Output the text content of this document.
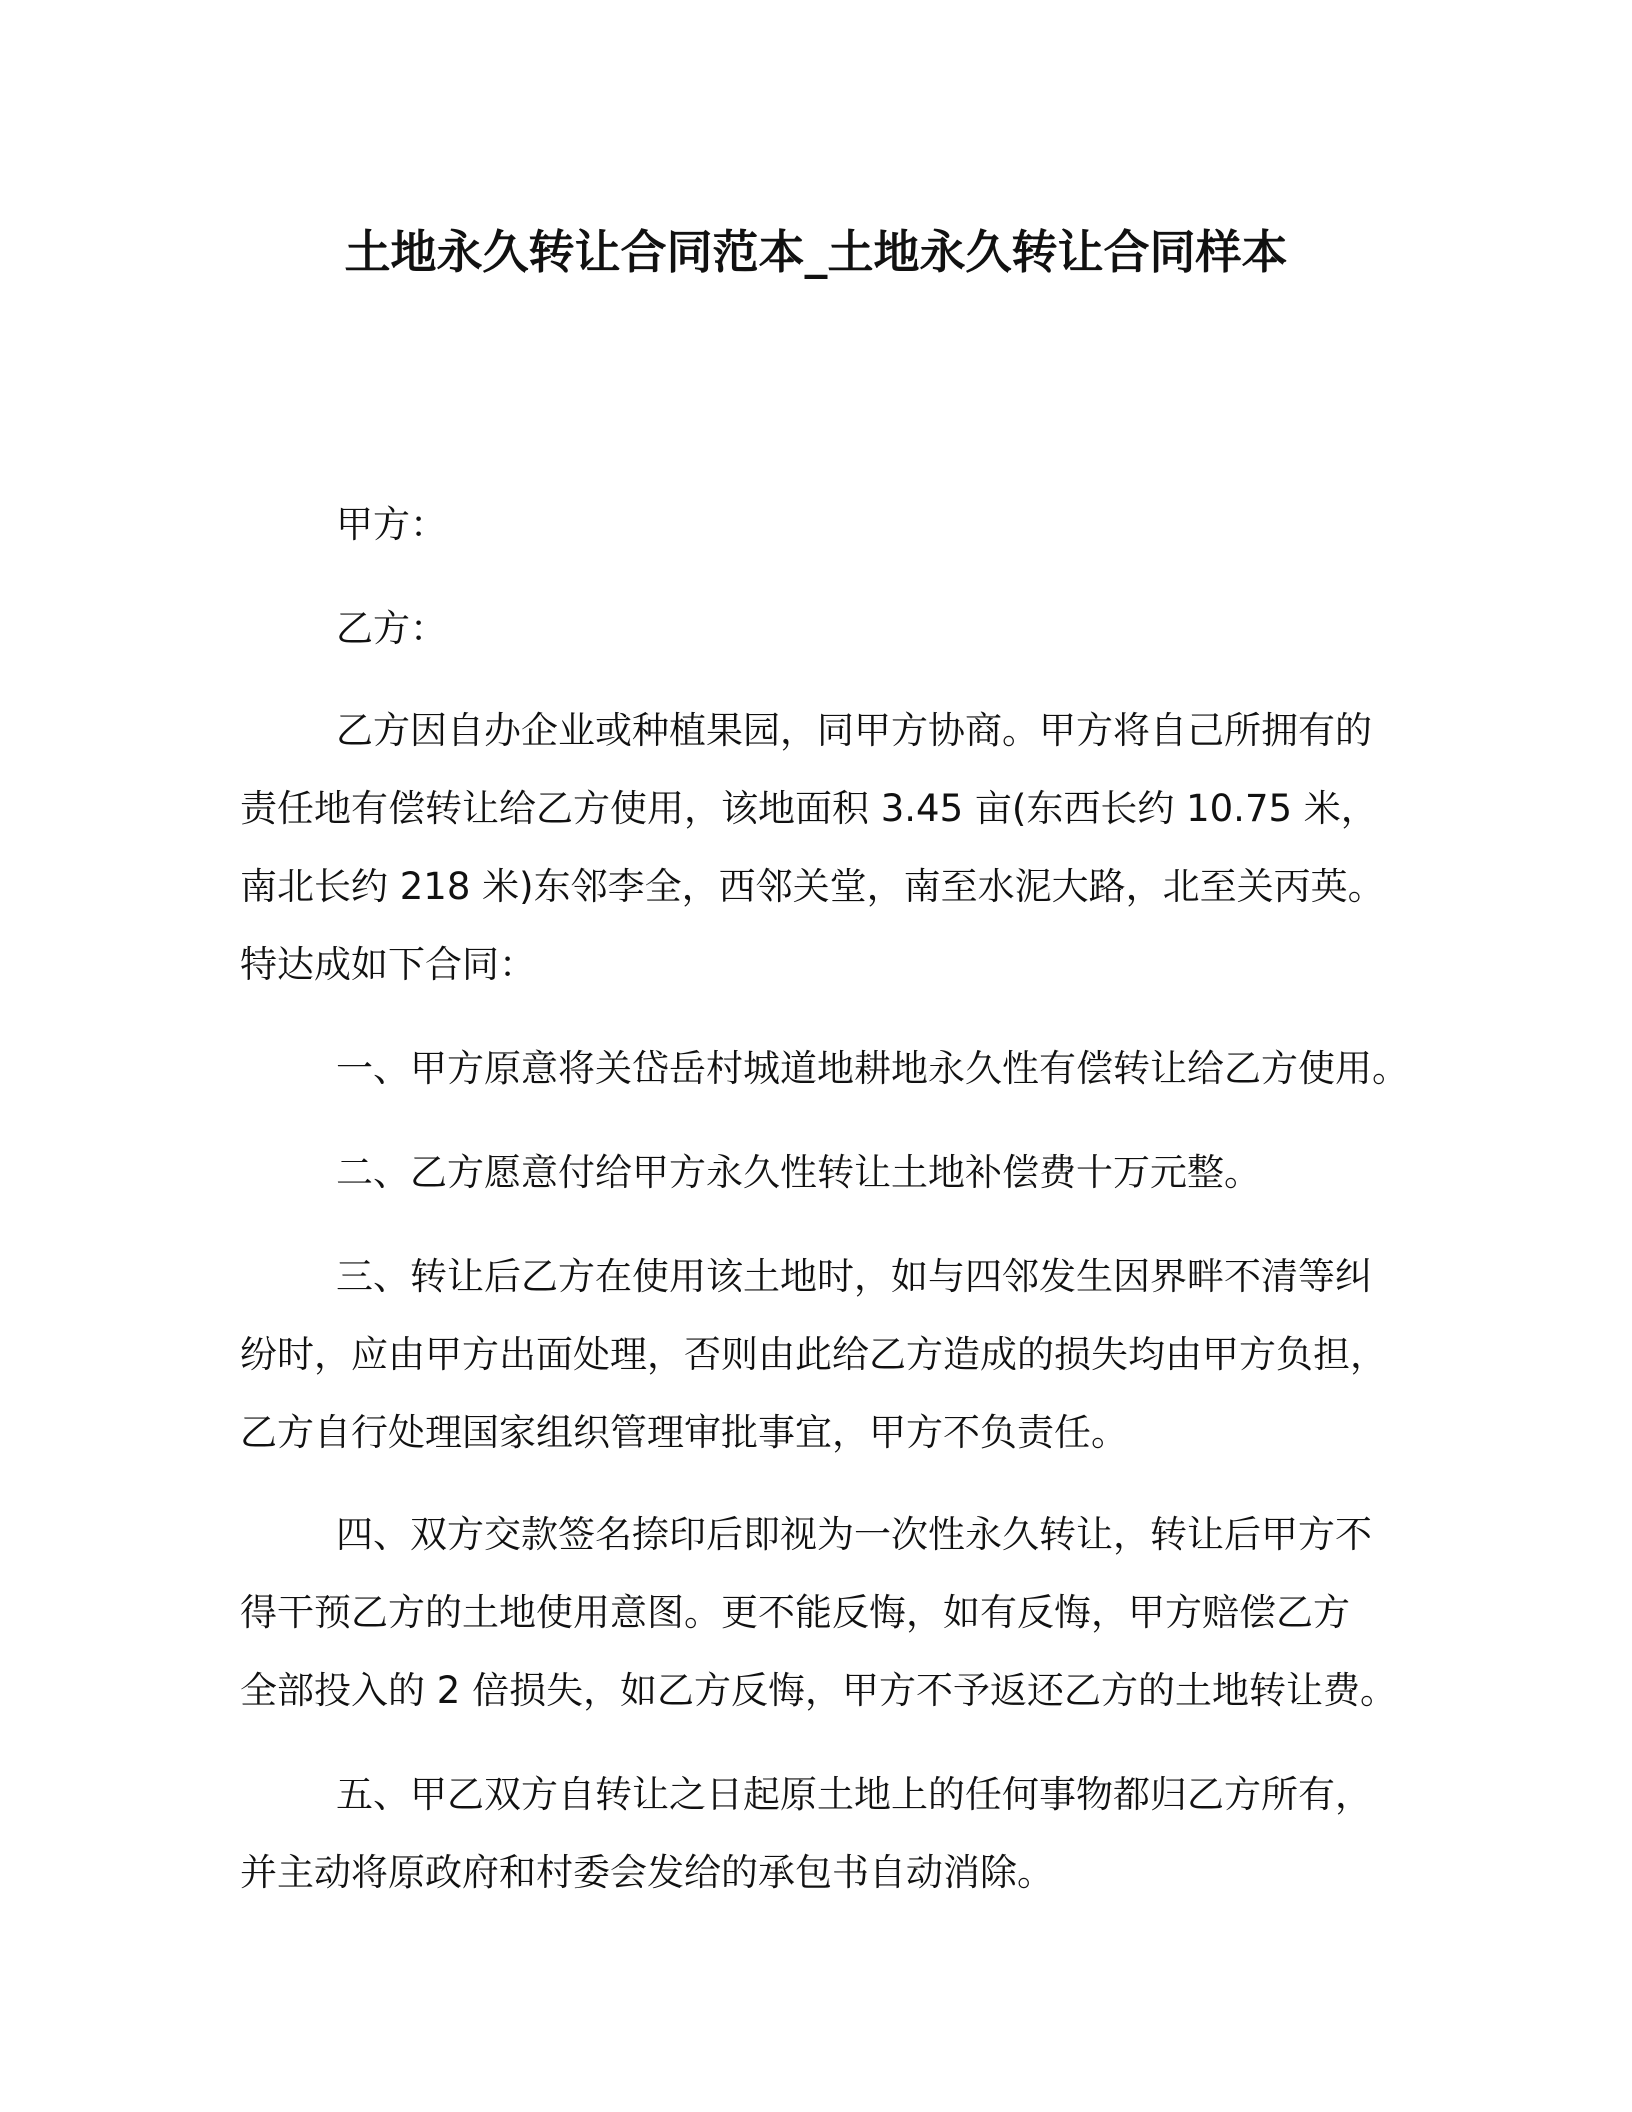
土地永久转让合同范本_土地永久转让合同样本

甲方：

乙方：

乙方因自办企业或种植果园，同甲方协商。甲方将自己所拥有的

责任地有偿转让给乙方使用，该地面积 3.45 亩(东西长约 10.75 米，

南北长约 218 米)东邻李全，西邻关堂，南至水泥大路，北至关丙英。

特达成如下合同：

一、甲方原意将关岱岳村城道地耕地永久性有偿转让给乙方使用。

二、乙方愿意付给甲方永久性转让土地补偿费十万元整。

三、转让后乙方在使用该土地时，如与四邻发生因界畔不清等纠

纷时，应由甲方出面处理，否则由此给乙方造成的损失均由甲方负担，

乙方自行处理国家组织管理审批事宜，甲方不负责任。

四、双方交款签名捺印后即视为一次性永久转让，转让后甲方不

得干预乙方的土地使用意图。更不能反悔，如有反悔，甲方赔偿乙方

全部投入的 2 倍损失，如乙方反悔，甲方不予返还乙方的土地转让费。

五、甲乙双方自转让之日起原土地上的任何事物都归乙方所有，

并主动将原政府和村委会发给的承包书自动消除。
